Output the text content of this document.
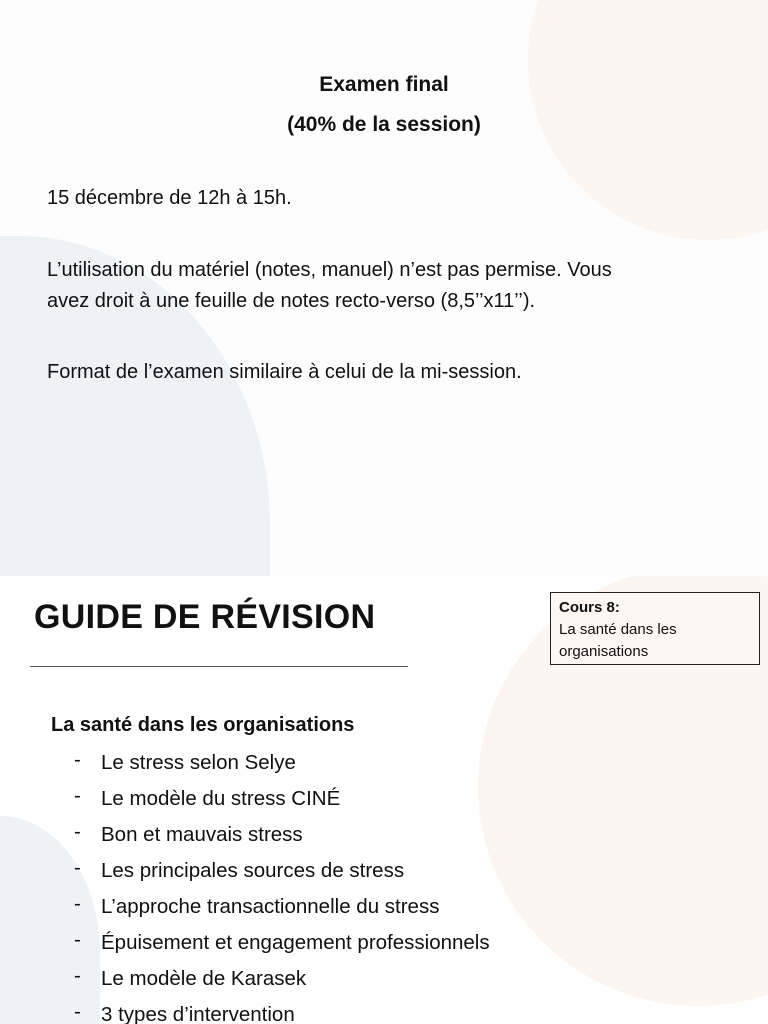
Examen final
(40% de la session)
15 décembre de 12h à 15h.
L’utilisation du matériel (notes, manuel) n’est pas permise. Vous
avez droit à une feuille de notes recto-verso (8,5’’x11’’).
Format de l’examen similaire à celui de la mi-session.
GUIDE DE RÉVISION	Cours 8:
La santé dans les
organisations
La santé dans les organisations
- Le stress selon Selye
- Le modèle du stress CINÉ
- Bon et mauvais stress
- Les principales sources de stress
- L’approche transactionnelle du stress
- Épuisement et engagement professionnels
- Le modèle de Karasek
- 3 types d’intervention
